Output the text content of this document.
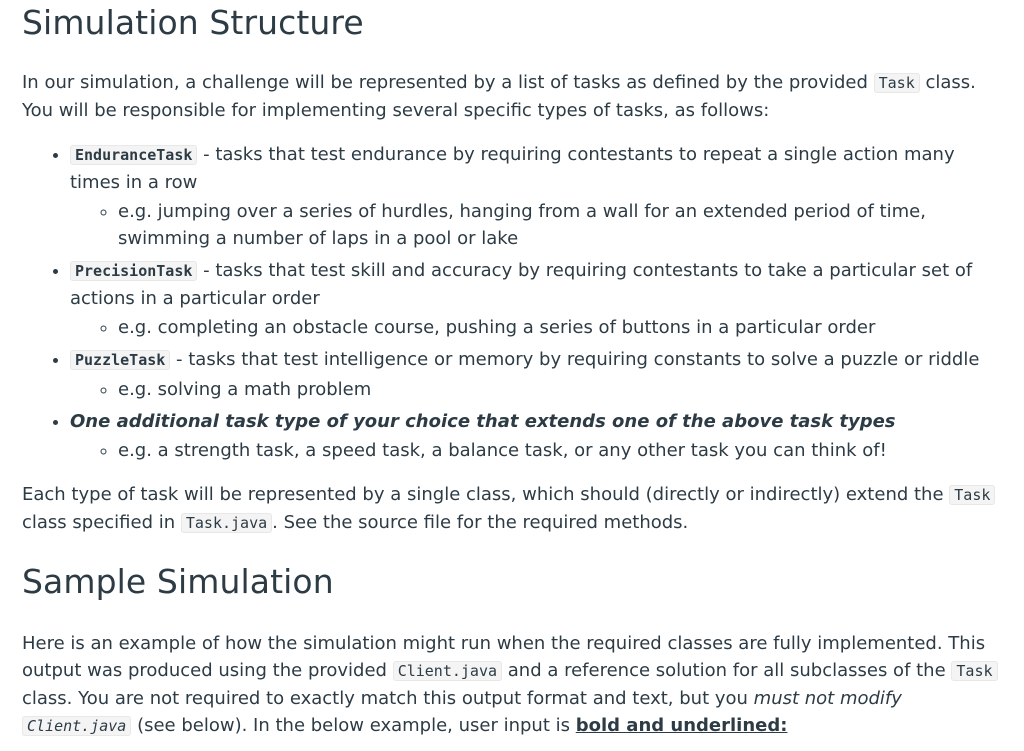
Simulation Structure

In our simulation, a challenge will be represented by a list of tasks as defined by the provided Task class. You will be responsible for implementing several specific types of tasks, as follows:

• EnduranceTask - tasks that test endurance by requiring contestants to repeat a single action many times in a row
◦ e.g. jumping over a series of hurdles, hanging from a wall for an extended period of time, swimming a number of laps in a pool or lake
• PrecisionTask - tasks that test skill and accuracy by requiring contestants to take a particular set of actions in a particular order
◦ e.g. completing an obstacle course, pushing a series of buttons in a particular order
• PuzzleTask - tasks that test intelligence or memory by requiring constants to solve a puzzle or riddle
◦ e.g. solving a math problem
• One additional task type of your choice that extends one of the above task types
◦ e.g. a strength task, a speed task, a balance task, or any other task you can think of!

Each type of task will be represented by a single class, which should (directly or indirectly) extend the Task class specified in Task.java . See the source file for the required methods.

Sample Simulation

Here is an example of how the simulation might run when the required classes are fully implemented. This output was produced using the provided Client.java and a reference solution for all subclasses of the Task class. You are not required to exactly match this output format and text, but you must not modify Client.java (see below). In the below example, user input is bold and underlined:
